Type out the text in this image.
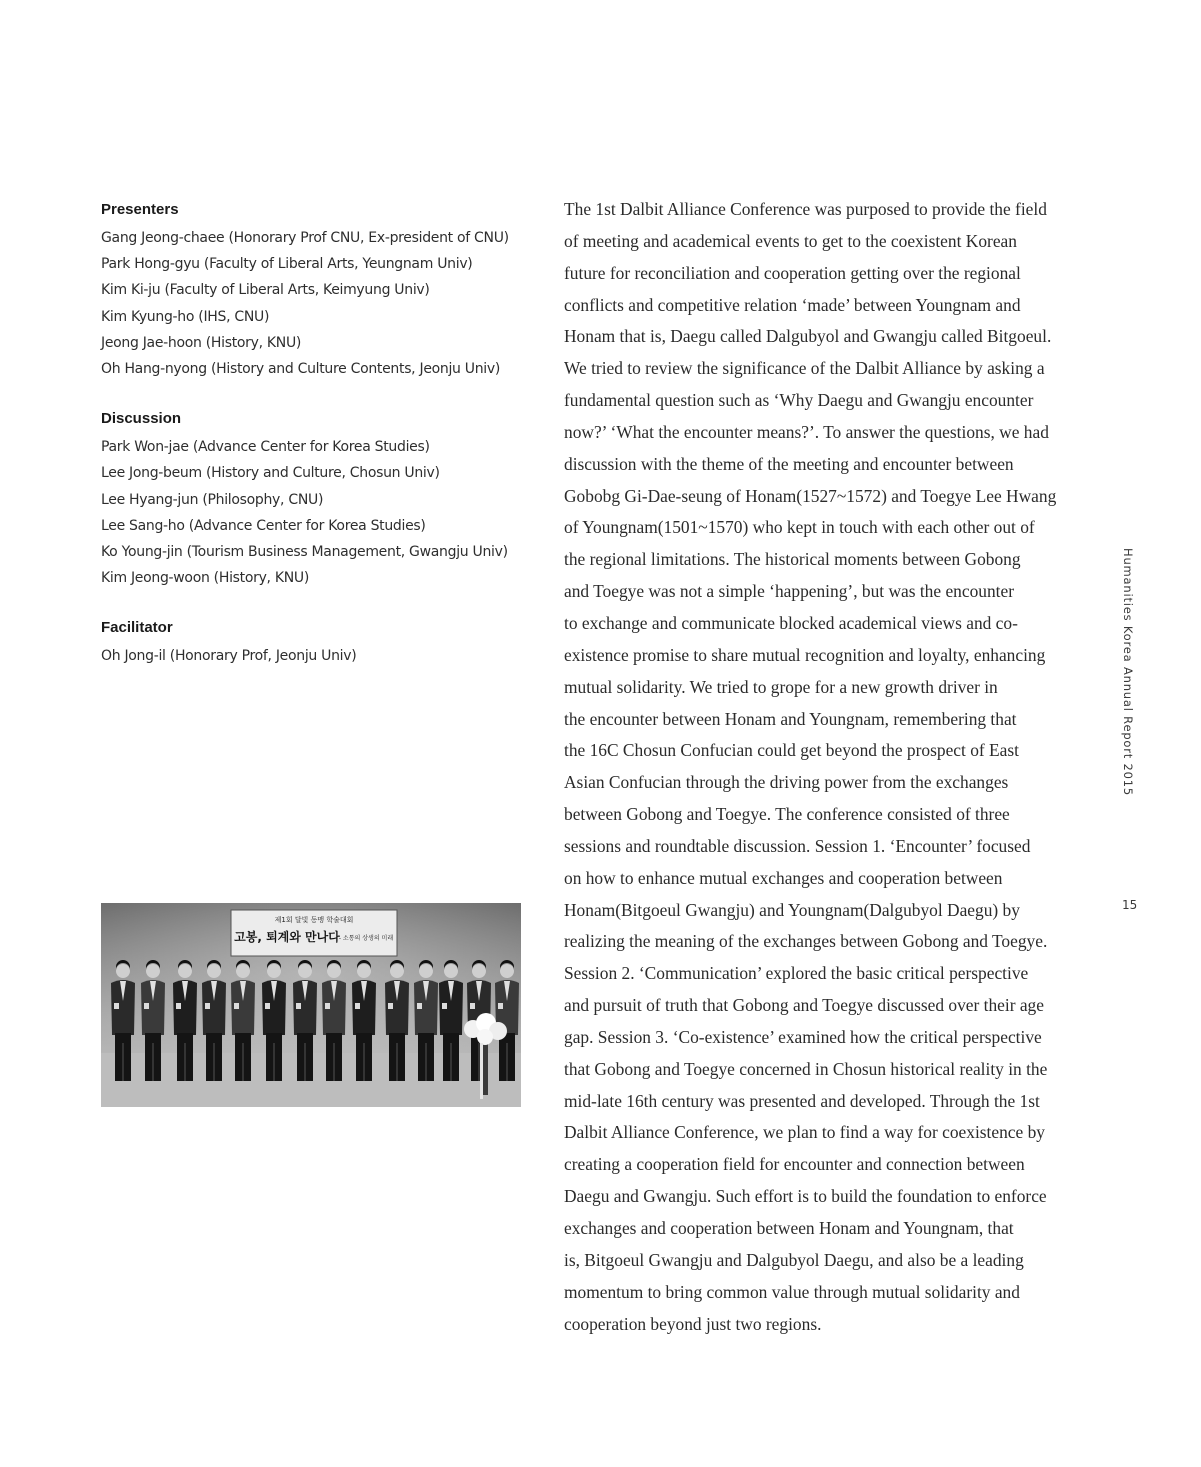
Presenters
Gang Jeong-chaee (Honorary Prof CNU, Ex-president of CNU)
Park Hong-gyu (Faculty of Liberal Arts, Yeungnam Univ)
Kim Ki-ju (Faculty of Liberal Arts, Keimyung Univ)
Kim Kyung-ho (IHS, CNU)
Jeong Jae-hoon (History, KNU)
Oh Hang-nyong (History and Culture Contents, Jeonju Univ)
Discussion
Park Won-jae (Advance Center for Korea Studies)
Lee Jong-beum (History and Culture, Chosun Univ)
Lee Hyang-jun (Philosophy, CNU)
Lee Sang-ho (Advance Center for Korea Studies)
Ko Young-jin (Tourism Business Management, Gwangju Univ)
Kim Jeong-woon (History, KNU)
Facilitator
Oh Jong-il (Honorary Prof, Jeonju Univ)
제1회 달빛 동맹 학술대회
고봉, 퇴계와 만나다 - 소통의 상생의 미래
The 1st Dalbit Alliance Conference was purposed to provide the field
of meeting and academical events to get to the coexistent Korean
future for reconciliation and cooperation getting over the regional
conflicts and competitive relation ‘made’ between Youngnam and
Honam that is, Daegu called Dalgubyol and Gwangju called Bitgoeul.
We tried to review the significance of the Dalbit Alliance by asking a
fundamental question such as ‘Why Daegu and Gwangju encounter
now?’ ‘What the encounter means?’. To answer the questions, we had
discussion with the theme of the meeting and encounter between
Gobobg Gi-Dae-seung of Honam(1527~1572) and Toegye Lee Hwang
of Youngnam(1501~1570) who kept in touch with each other out of
the regional limitations. The historical moments between Gobong
and Toegye was not a simple ‘happening’, but was the encounter
to exchange and communicate blocked academical views and co-
existence promise to share mutual recognition and loyalty, enhancing
mutual solidarity. We tried to grope for a new growth driver in
the encounter between Honam and Youngnam, remembering that
the 16C Chosun Confucian could get beyond the prospect of East
Asian Confucian through the driving power from the exchanges
between Gobong and Toegye. The conference consisted of three
sessions and roundtable discussion. Session 1. ‘Encounter’ focused
on how to enhance mutual exchanges and cooperation between
Honam(Bitgoeul Gwangju) and Youngnam(Dalgubyol Daegu) by
realizing the meaning of the exchanges between Gobong and Toegye.
Session 2. ‘Communication’ explored the basic critical perspective
and pursuit of truth that Gobong and Toegye discussed over their age
gap. Session 3. ‘Co-existence’ examined how the critical perspective
that Gobong and Toegye concerned in Chosun historical reality in the
mid-late 16th century was presented and developed. Through the 1st
Dalbit Alliance Conference, we plan to find a way for coexistence by
creating a cooperation field for encounter and connection between
Daegu and Gwangju. Such effort is to build the foundation to enforce
exchanges and cooperation between Honam and Youngnam, that
is, Bitgoeul Gwangju and Dalgubyol Daegu, and also be a leading
momentum to bring common value through mutual solidarity and
cooperation beyond just two regions.
Humanities Korea Annual Report 2015
15
